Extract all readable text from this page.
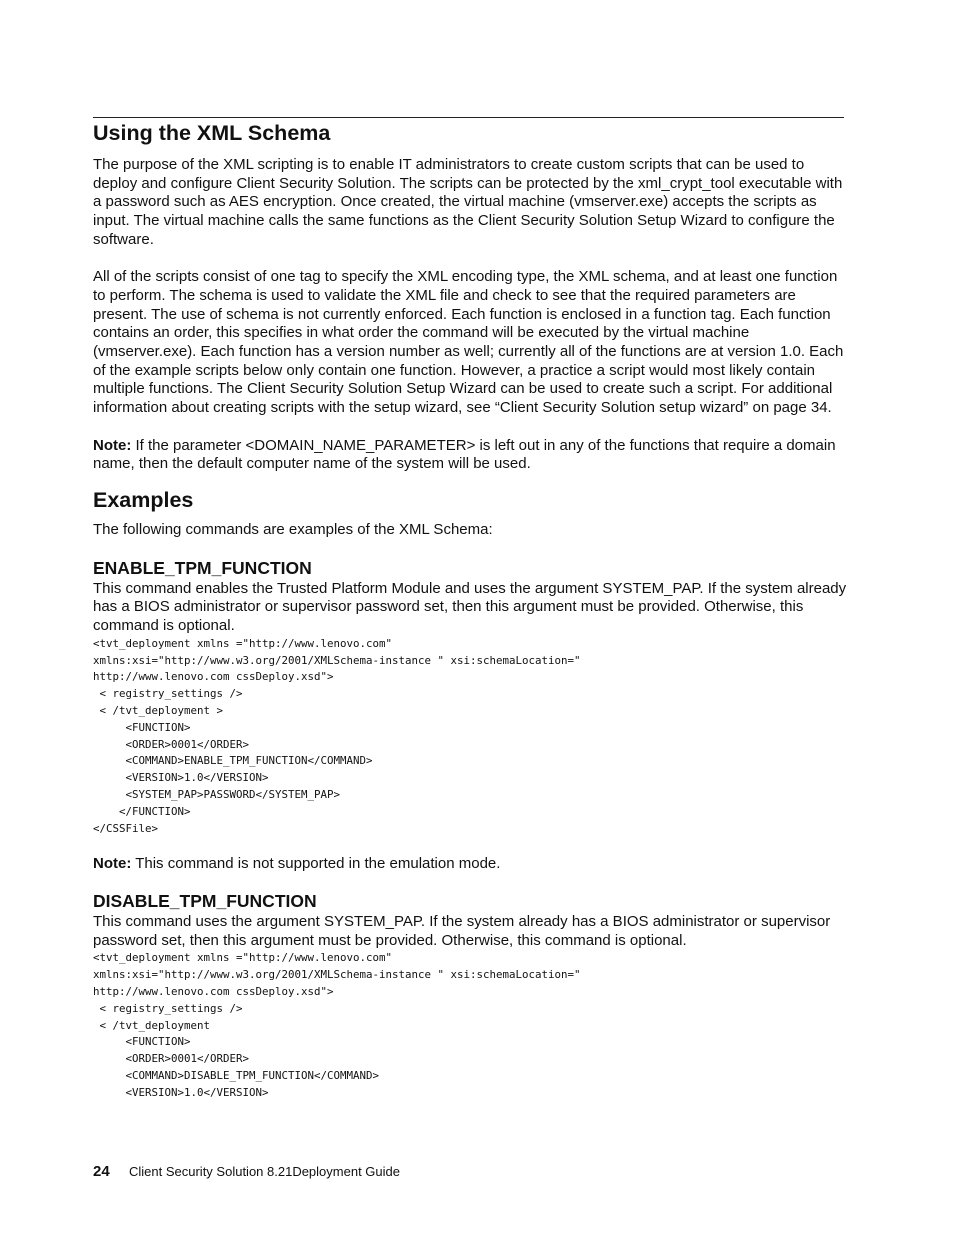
Using the XML Schema

The purpose of the XML scripting is to enable IT administrators to create custom scripts that can be used to deploy and configure Client Security Solution. The scripts can be protected by the xml_crypt_tool executable with a password such as AES encryption. Once created, the virtual machine (vmserver.exe) accepts the scripts as input. The virtual machine calls the same functions as the Client Security Solution Setup Wizard to configure the software.

All of the scripts consist of one tag to specify the XML encoding type, the XML schema, and at least one function to perform. The schema is used to validate the XML file and check to see that the required parameters are present. The use of schema is not currently enforced. Each function is enclosed in a function tag. Each function contains an order, this specifies in what order the command will be executed by the virtual machine (vmserver.exe). Each function has a version number as well; currently all of the functions are at version 1.0. Each of the example scripts below only contain one function. However, a practice a script would most likely contain multiple functions. The Client Security Solution Setup Wizard can be used to create such a script. For additional information about creating scripts with the setup wizard, see “Client Security Solution setup wizard” on page 34.

Note: If the parameter <DOMAIN_NAME_PARAMETER> is left out in any of the functions that require a domain name, then the default computer name of the system will be used.

Examples

The following commands are examples of the XML Schema:

ENABLE_TPM_FUNCTION

This command enables the Trusted Platform Module and uses the argument SYSTEM_PAP. If the system already has a BIOS administrator or supervisor password set, then this argument must be provided. Otherwise, this command is optional.

<tvt_deployment xmlns ="http://www.lenovo.com"
xmlns:xsi="http://www.w3.org/2001/XMLSchema-instance " xsi:schemaLocation="
http://www.lenovo.com cssDeploy.xsd">
< registry_settings />
< /tvt_deployment >
<FUNCTION>
<ORDER>0001</ORDER>
<COMMAND>ENABLE_TPM_FUNCTION</COMMAND>
<VERSION>1.0</VERSION>
<SYSTEM_PAP>PASSWORD</SYSTEM_PAP>
</FUNCTION>
</CSSFile>

Note: This command is not supported in the emulation mode.

DISABLE_TPM_FUNCTION

This command uses the argument SYSTEM_PAP. If the system already has a BIOS administrator or supervisor password set, then this argument must be provided. Otherwise, this command is optional.

<tvt_deployment xmlns ="http://www.lenovo.com"
xmlns:xsi="http://www.w3.org/2001/XMLSchema-instance " xsi:schemaLocation="
http://www.lenovo.com cssDeploy.xsd">
< registry_settings />
< /tvt_deployment
<FUNCTION>
<ORDER>0001</ORDER>
<COMMAND>DISABLE_TPM_FUNCTION</COMMAND>
<VERSION>1.0</VERSION>
24 Client Security Solution 8.21Deployment Guide
